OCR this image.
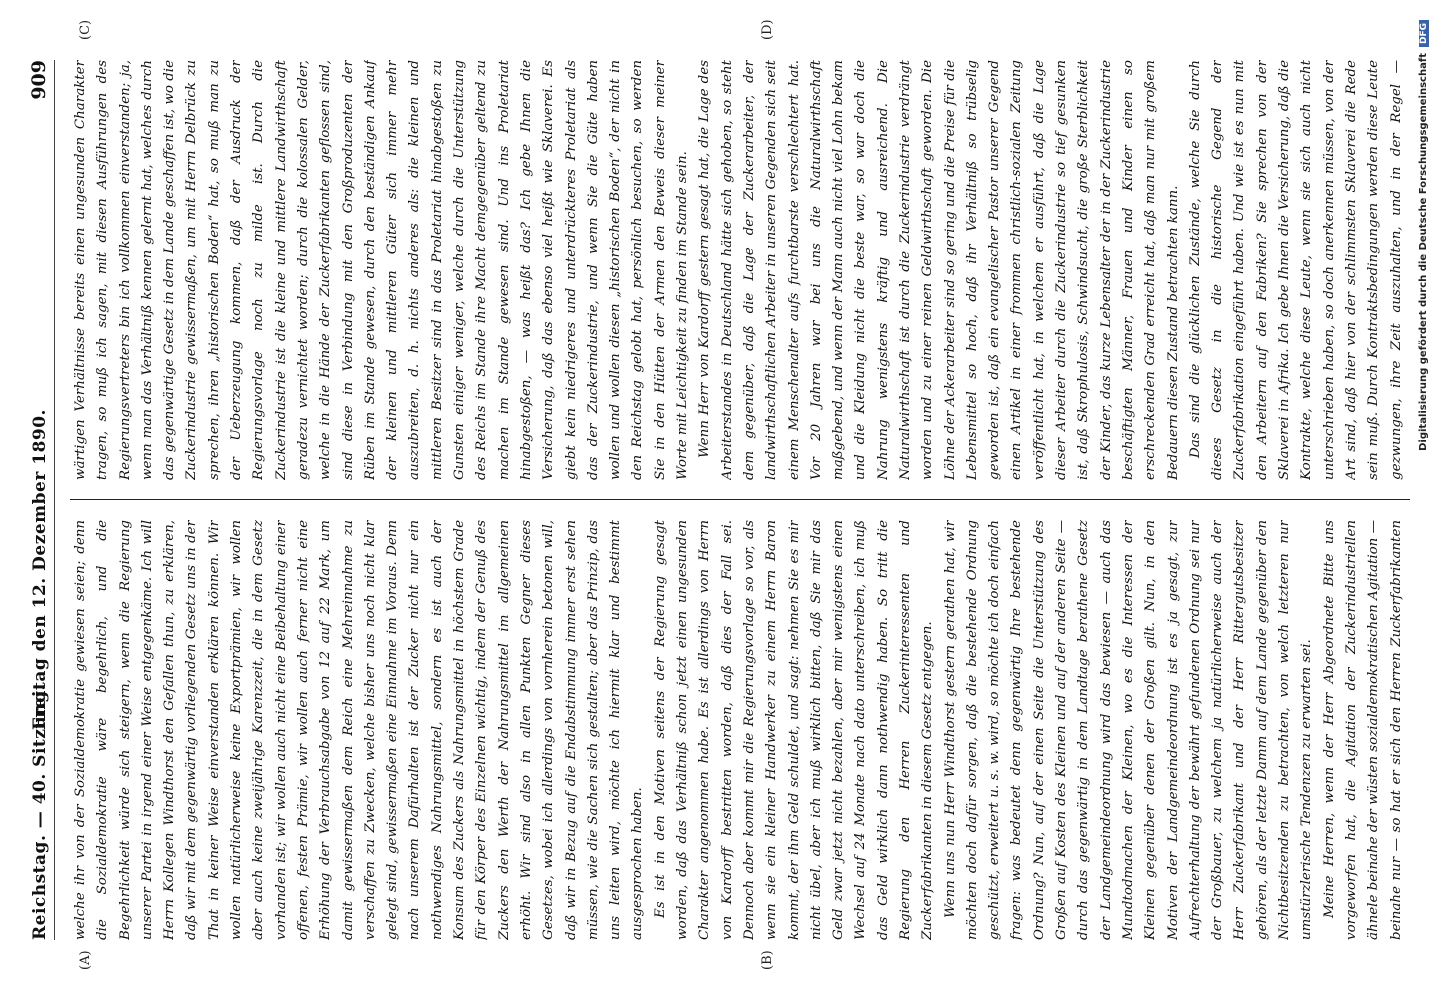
Reichstag. — 40. Sitzung.
Freitag den 12. Dezember 1890.
909
(A)	(B)
(C)	(D)

welche ihr von der Sozialdemokratie gewiesen seien; denn die Sozialdemokratie wäre begehrlich, und die Begehrlichkeit würde sich steigern, wenn die Regierung unserer Partei in irgend einer Weise entgegenkäme. Ich will Herrn Kollegen Windthorst den Gefallen thun, zu erklären, daß wir mit dem gegenwärtig vorliegenden Gesetz uns in der That in keiner Weise einverstanden erklären können. Wir wollen natürlicherweise keine Exportprämien, wir wollen aber auch keine zweijährige Karenzzeit, die in dem Gesetz vorhanden ist; wir wollen auch nicht eine Beibehaltung einer offenen, festen Prämie, wir wollen auch ferner nicht eine Erhöhung der Verbrauchsabgabe von 12 auf 22 Mark, um damit gewissermaßen dem Reich eine Mehreinnahme zu verschaffen zu Zwecken, welche bisher uns noch nicht klar gelegt sind, gewissermaßen eine Einnahme im Voraus. Denn nach unserem Dafürhalten ist der Zucker nicht nur ein nothwendiges Nahrungsmittel, sondern es ist auch der Konsum des Zuckers als Nahrungsmittel in höchstem Grade für den Körper des Einzelnen wichtig, indem der Genuß des Zuckers den Werth der Nahrungsmittel im allgemeinen erhöht. Wir sind also in allen Punkten Gegner dieses Gesetzes, wobei ich allerdings von vornherein betonen will, daß wir in Bezug auf die Endabstimmung immer erst sehen müssen, wie die Sachen sich gestalten; aber das Prinzip, das uns leiten wird, möchte ich hiermit klar und bestimmt ausgesprochen haben. Es ist in den Motiven seitens der Regierung gesagt worden, daß das Verhältniß schon jetzt einen ungesunden Charakter angenommen habe. Es ist allerdings von Herrn von Kardorff bestritten worden, daß dies der Fall sei. Dennoch aber kommt mir die Regierungsvorlage so vor, als wenn sie ein kleiner Handwerker zu einem Herrn Baron kommt, der ihm Geld schuldet, und sagt: nehmen Sie es mir nicht übel, aber ich muß wirklich bitten, daß Sie mir das Geld zwar jetzt nicht bezahlen, aber mir wenigstens einen Wechsel auf 24 Monate nach dato unterschreiben, ich muß das Geld wirklich dann nothwendig haben. So tritt die Regierung den Herren Zuckerinteressenten und Zuckerfabrikanten in diesem Gesetz entgegen. Wenn uns nun Herr Windthorst gestern gerathen hat, wir möchten doch dafür sorgen, daß die bestehende Ordnung geschützt, erweitert u. s. w. wird, so möchte ich doch einfach fragen: was bedeutet denn gegenwärtig Ihre bestehende Ordnung? Nun, auf der einen Seite die Unterstützung des Großen auf Kosten des Kleinen und auf der anderen Seite — durch das gegenwärtig in dem Landtage berathene Gesetz der Landgemeindeordnung wird das bewiesen — auch das Mundtodmachen der Kleinen, wo es die Interessen der Kleinen gegenüber denen der Großen gilt. Nun, in den Motiven der Landgemeindeordnung ist es ja gesagt, zur Aufrechterhaltung der bewährt gefundenen Ordnung sei nur der Großbauer, zu welchem ja natürlicherweise auch der Herr Zuckerfabrikant und der Herr Rittergutsbesitzer gehören, als der letzte Damm auf dem Lande gegenüber den Nichtbesitzenden zu betrachten, von welch letzteren nur umstürzlerische Tendenzen zu erwarten sei. Meine Herren, wenn der Herr Abgeordnete Bitte uns vorgeworfen hat, die Agitation der Zuckerindustriellen ähnele beinahe der wüsten sozialdemokratischen Agitation — beinahe nur — so hat er sich den Herren Zuckerfabrikanten

wärtigen Verhältnisse bereits einen ungesunden Charakter tragen, so muß ich sagen, mit diesen Ausführungen des Regierungsvertreters bin ich vollkommen einverstanden; ja, wenn man das Verhältniß kennen gelernt hat, welches durch das gegenwärtige Gesetz in dem Lande geschaffen ist, wo die Zuckerindustrie gewissermaßen, um mit Herrn Delbrück zu sprechen, ihren „historischen Boden“ hat, so muß man zu der Ueberzeugung kommen, daß der Ausdruck der Regierungsvorlage noch zu milde ist. Durch die Zuckerindustrie ist die kleine und mittlere Landwirthschaft geradezu vernichtet worden; durch die kolossalen Gelder, welche in die Hände der Zuckerfabrikanten geflossen sind, sind diese in Verbindung mit den Großproduzenten der Rüben im Stande gewesen, durch den beständigen Ankauf der kleinen und mittleren Güter sich immer mehr auszubreiten, d. h. nichts anderes als: die kleinen und mittleren Besitzer sind in das Proletariat hinabgestoßen zu Gunsten einiger weniger, welche durch die Unterstützung des Reichs im Stande ihre Macht demgegenüber geltend zu machen im Stande gewesen sind. Und ins Proletariat hinabgestoßen, — was heißt das? Ich gebe Ihnen die Versicherung, daß das ebenso viel heißt wie Sklaverei. Es giebt kein niedrigeres und unterdrückteres Proletariat als das der Zuckerindustrie, und wenn Sie die Güte haben wollen und wollen diesen „historischen Boden“, der nicht in den Reichstag gelobt hat, persönlich besuchen, so werden Sie in den Hütten der Armen den Beweis dieser meiner Worte mit Leichtigkeit zu finden im Stande sein. Wenn Herr von Kardorff gestern gesagt hat, die Lage des Arbeiterstandes in Deutschland hätte sich gehoben, so steht dem gegenüber, daß die Lage der Zuckerarbeiter, der landwirthschaftlichen Arbeiter in unseren Gegenden sich seit einem Menschenalter aufs furchtbarste verschlechtert hat. Vor 20 Jahren war bei uns die Naturalwirthschaft maßgebend, und wenn der Mann auch nicht viel Lohn bekam und die Kleidung nicht die beste war, so war doch die Nahrung wenigstens kräftig und ausreichend. Die Naturalwirthschaft ist durch die Zuckerindustrie verdrängt worden und zu einer reinen Geldwirthschaft geworden. Die Löhne der Ackerarbeiter sind so gering und die Preise für die Lebensmittel so hoch, daß ihr Verhältniß so trübselig geworden ist, daß ein evangelischer Pastor unserer Gegend einen Artikel in einer frommen christlich-sozialen Zeitung veröffentlicht hat, in welchem er ausführt, daß die Lage dieser Arbeiter durch die Zuckerindustrie so tief gesunken ist, daß Skrophulosis, Schwindsucht, die große Sterblichkeit der Kinder, das kurze Lebensalter der in der Zuckerindustrie beschäftigten Männer, Frauen und Kinder einen so erschreckenden Grad erreicht hat, daß man nur mit großem Bedauern diesen Zustand betrachten kann. Das sind die glücklichen Zustände, welche Sie durch dieses Gesetz in die historische Gegend der Zuckerfabrikation eingeführt haben. Und wie ist es nun mit den Arbeitern auf den Fabriken? Sie sprechen von der Sklaverei in Afrika. Ich gebe Ihnen die Versicherung, daß die Kontrakte, welche diese Leute, wenn sie sich auch nicht unterschrieben haben, so doch anerkennen müssen, von der Art sind, daß hier von der schlimmsten Sklaverei die Rede sein muß. Durch Kontraktsbedingungen werden diese Leute gezwungen, ihre Zeit auszuhalten, und in der Regel —	Digitalisierung gefördert durch die Deutsche ForschungsgemeinschaftDFG
